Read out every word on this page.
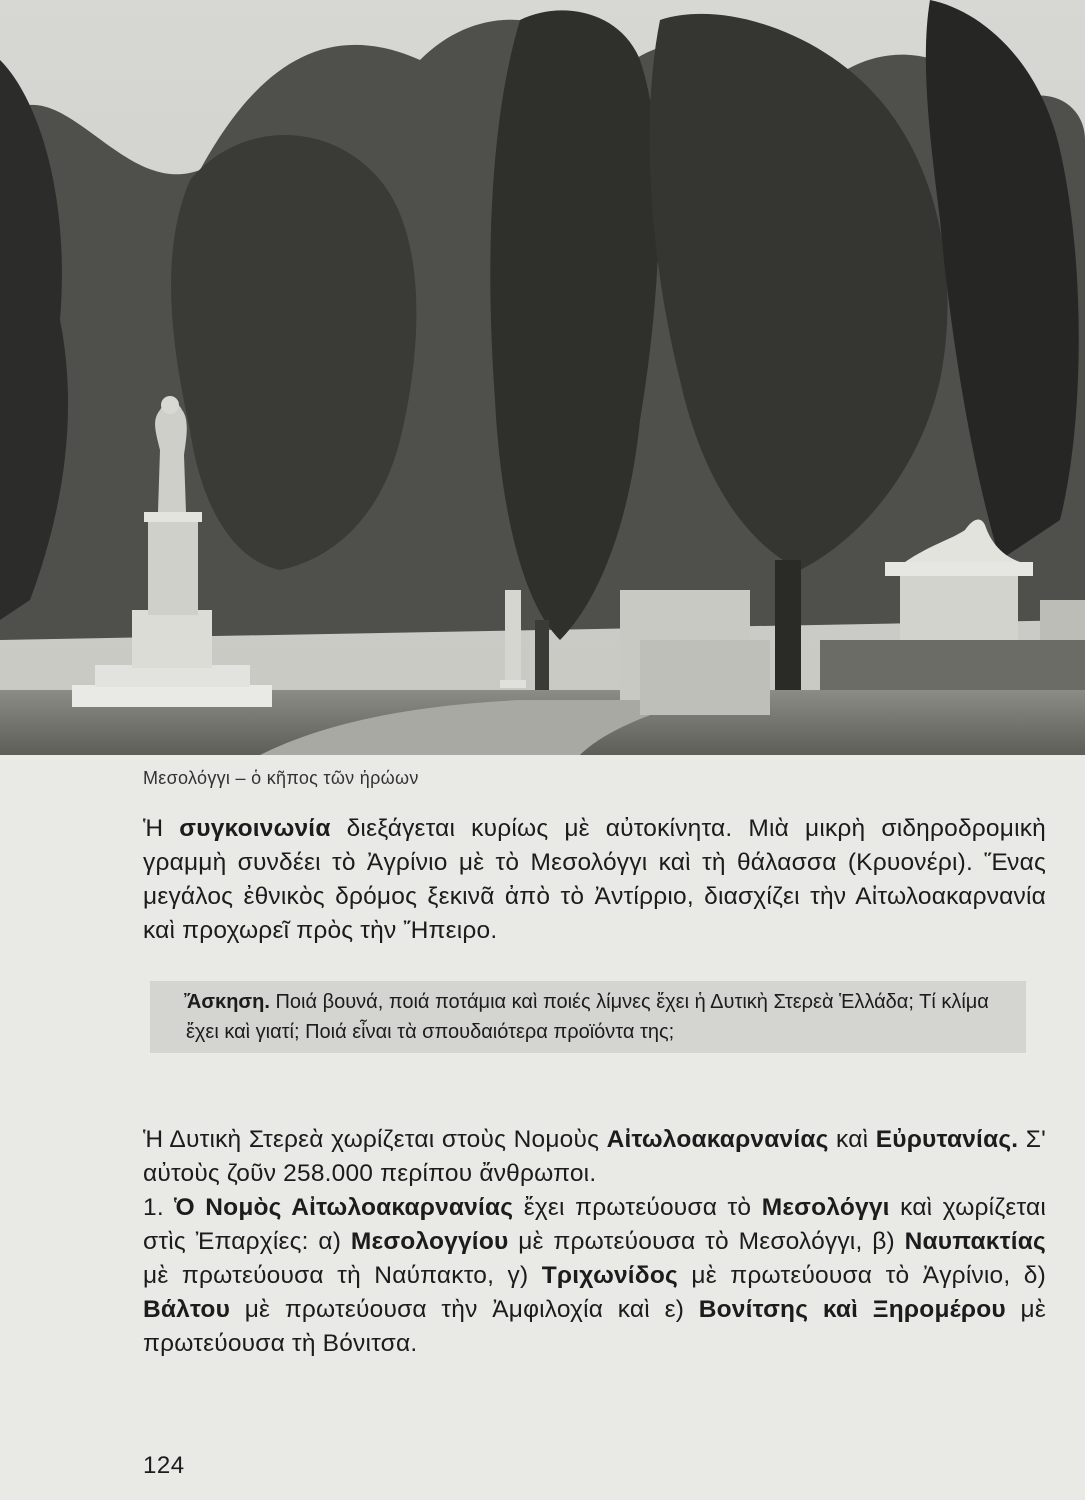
Μεσολόγγι – ὁ κῆπος τῶν ἡρώων
Ἡ συγκοινωνία διεξάγεται κυρίως μὲ αὐτοκίνητα. Μιὰ μικρὴ σιδηροδρομικὴ γραμμὴ συνδέει τὸ Ἀγρίνιο μὲ τὸ Μεσολόγγι καὶ τὴ θάλασσα (Κρυονέρι). Ἕνας μεγάλος ἐθνικὸς δρόμος ξεκινᾶ ἀπὸ τὸ Ἀντίρριο, διασχίζει τὴν Αἰτωλοακαρνανία καὶ προχωρεῖ πρὸς τὴν Ἤπειρο.
Ἄσκηση. Ποιά βουνά, ποιά ποτάμια καὶ ποιές λίμνες ἔχει ἡ Δυτικὴ Στερεὰ Ἑλλάδα; Τί κλίμα ἔχει καὶ γιατί; Ποιά εἶναι τὰ σπουδαιότερα προϊόντα της;
Ἡ Δυτικὴ Στερεὰ χωρίζεται στοὺς Νομοὺς Αἰτωλοακαρνανίας καὶ Εὐρυτανίας. Σ' αὐτοὺς ζοῦν 258.000 περίπου ἄνθρωποι.
1. Ὁ Νομὸς Αἰτωλοακαρνανίας ἔχει πρωτεύουσα τὸ Μεσολόγγι καὶ χωρίζεται στὶς Ἐπαρχίες: α) Μεσολογγίου μὲ πρωτεύουσα τὸ Μεσολόγγι, β) Ναυπακτίας μὲ πρωτεύουσα τὴ Ναύπακτο, γ) Τριχωνίδος μὲ πρωτεύουσα τὸ Ἀγρίνιο, δ) Βάλτου μὲ πρωτεύουσα τὴν Ἀμφιλοχία καὶ ε) Βονίτσης καὶ Ξηρομέρου μὲ πρωτεύουσα τὴ Βόνιτσα.
124
